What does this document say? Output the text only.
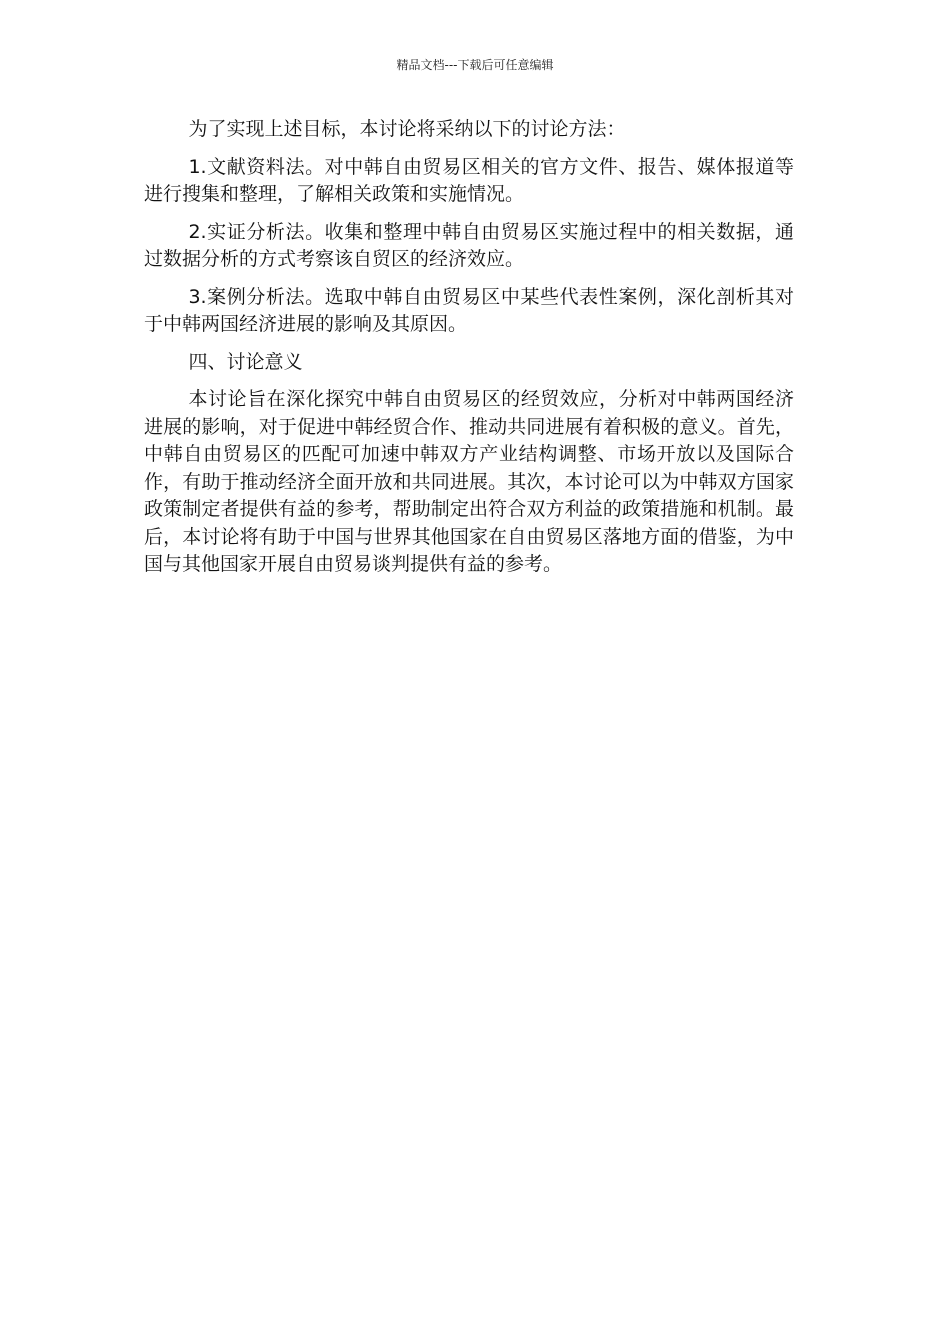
精品文档---下载后可任意编辑

为了实现上述目标，本讨论将采纳以下的讨论方法：

1.文献资料法。对中韩自由贸易区相关的官方文件、报告、媒体报道等进行搜集和整理，了解相关政策和实施情况。

2.实证分析法。收集和整理中韩自由贸易区实施过程中的相关数据，通过数据分析的方式考察该自贸区的经济效应。

3.案例分析法。选取中韩自由贸易区中某些代表性案例，深化剖析其对于中韩两国经济进展的影响及其原因。

四、讨论意义

本讨论旨在深化探究中韩自由贸易区的经贸效应，分析对中韩两国经济进展的影响，对于促进中韩经贸合作、推动共同进展有着积极的意义。首先，中韩自由贸易区的匹配可加速中韩双方产业结构调整、市场开放以及国际合作，有助于推动经济全面开放和共同进展。其次，本讨论可以为中韩双方国家政策制定者提供有益的参考，帮助制定出符合双方利益的政策措施和机制。最后，本讨论将有助于中国与世界其他国家在自由贸易区落地方面的借鉴，为中国与其他国家开展自由贸易谈判提供有益的参考。
